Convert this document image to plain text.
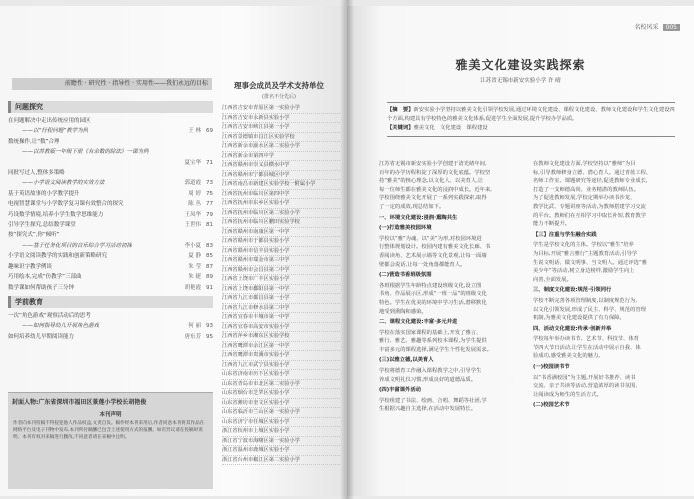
前瞻性 · 研究性 · 指导性 · 实用性——我们永远的目标
问题探究
在问题解决中走出传统应用的园区
——以“行程问题”教学为例	王 林 69
数统操作,让“数”合理
——以苏教版一年级下册《有余数的除法》一课为例
夏宝华 71
同批写过人,整体多策略
——小学语文阅读教学的实效方法	郭道霞 73
基于英语故事的小学教学提升	周 婷 75
电视智慧课堂与小学数学复习课有效整合的探究	陈 丛 77
巧设数学情境,培养小学生数学思维能力	王凤华 79
引导学生探究,总结数学课堂	王世伟 81
按“探究式”,你“倾听”
——基于任务化项目的音乐综合学习活动初探	李小夏 83
小学语文阅读教学的实践和创新策略研究	夏 静 85
趣味识字教学例谈	朱 莹 87
巧用绘本,完成“仿教学”三部曲	朱 捷 89
数学课如何帮助孩子三分钟	胡艳霞 91
学前教育
一次“角色游戏”观察活动后的思考
——如何指导幼儿开展角色游戏	何 丽 93
如何培养幼儿早期阅读能力	唐东芳 95
理事会成员及学术支持单位
(排名不分先后)
江西省吉安市青原区第一实验小学
江西省吉安市永新县实验小学
江西省吉安市峡江县第一小学
江西省景德镇市昌江区实验学校
江西省新余市渝水区第二实验小学
江西省新余市第四中学
江西省赣州市崇义县横水中学
江西省赣州市宁都县城区中学
江西省南昌市新建区实验学校一附属小学
江西省抚州市临川区第四中学
江西省抚州市东乡区实验小学
江西省抚州市临川区第二实验小学
江西省抚州市临川区鹏田实验学校
江西省赣州市南康区第一中学
江西省赣州市于都县实验小学
江西省赣州市信丰县实验小学
江西省赣州市瑞金市第三中学
江西省赣州市会昌县第二中学
江西省上饶市广丰区实验小学
江西省上饶市鄱阳县第一中学
江西省九江市都昌县第一小学
江西省九江市修水县第二中学
江西省宜春市丰城市第一中学
江西省宜春市高安市实验小学
江西省萍乡市湘东区实验学校
江西省鹰潭市余江区第一中学
江西省鹰潭市贵溪市实验小学
江西省九江市武宁县实验小学
山东省济南市历下区实验小学
山东省青岛市市北区第二实验小学
山东省烟台市芝罘区实验小学
山东省潍坊市奎文区实验小学
山东省临沂市兰山区第一实验小学
山东省济宁市任城区实验小学
浙江省杭州市上城区实验小学
浙江省宁波市海曙区第一实验小学
浙江省温州市鹿城区实验小学
浙江省台州市椒江区第二实验小学
封面人物:广东省深圳市福田区景莲小学校长胡艳俊
本刊声明
作者向本刊投稿不得侵犯他人作品权益,文责自负。稿件经本刊采用后,作者同意本刊将其作品在网络平台及电子刊物中发布,本刊所付稿酬已包含上述使用方式的报酬。如有异议请在投稿时说明。本刊有权对来稿进行删改,不同意者请在来稿中注明。
名校风采 005
雅美文化建设实践探索
江苏省无锡市新安实验小学 许 晴
【摘　要】新安实验小学坚持以雅美文化引领学校发展,通过环境文化建设、课程文化建设、教师文化建设和学生文化建设四个方面,构建具有学校特色的雅美文化体系,促进学生全面发展,提升学校办学品质。
【关键词】雅美文化　文化建设　课程建设
江苏省无锡市新安实验小学创建于清光绪年间,
百年的办学历程积淀了深厚的文化底蕴。学校坚
持“雅美”的核心理念,以文化人、以美育人,让
每一位师生都在雅美文化的浸润中成长。近年来,
学校围绕雅美文化开展了一系列实践探索,取得
了一定的成效,现总结如下。
一、环境文化建设:浸润·熏陶共生
(一)打造雅美校园环境
学校以“雅”为魂、以“美”为形,对校园环境进
行整体规划设计。校园内建有雅美文化长廊、书
香阅读角、艺术展示墙等文化景观,让每一面墙
壁都会说话,让每一处角落都能育人。
(二)营造书香班级氛围
各班根据学生年龄特点建设班级文化,设立图
书角、作品展示区,形成“一班一品”的班级文化
特色。学生在优美的环境中学习生活,潜移默化
地受到熏陶和感染。
二、课程文化建设:丰富·多元并进
学校在落实国家课程的基础上,开发了雅言、
雅行、雅艺、雅趣等系列校本课程,为学生提供
丰富多元的课程选择,满足学生个性化发展需求。
(三)以雅立德,以美育人
学校将德育工作融入课程教学之中,引导学生
养成文明礼仪习惯,形成良好的道德品质。
(四)丰富课外活动
学校组建了书法、绘画、合唱、舞蹈等社团,学
生根据兴趣自主选择,在活动中发展特长。
在教师文化建设方面,学校坚持以“雅师”为目
标,引导教师修身立德、潜心育人。通过青蓝工程、
名师工作室、课题研究等途径,促进教师专业成长,
打造了一支师德高尚、业务精湛的教师队伍。
为了促进教师发展,学校定期举办读书沙龙、
教学比武、专题讲座等活动,为教师搭建学习交流
的平台。教师们在互相学习中取长补短,教育教学
能力不断提升。
【三】注重与学生融合实践
学生是学校文化的主体。学校以“雅生”培养
为目标,开展“雅言雅行”主题教育活动,引导学
生说文明话、做文明事、当文明人。通过评选“雅
美少年”等活动,树立身边榜样,激励学生向上
向善,全面发展。
三、制度文化建设:规范·引领同行
学校不断完善各项管理制度,以制度规范行为,
以文化引领发展,形成了民主、科学、规范的管理
机制,为雅美文化建设提供了有力保障。
四、活动文化建设:传承·创新并举
学校每年举办读书节、艺术节、科技节、体育
节四大节日活动,让学生在活动中展示自我、体
验成功,感受雅美文化的魅力。
(一)校园读书节
以“书香满校园”为主题,开展好书推荐、读书
交流、亲子共读等活动,营造浓厚的读书氛围,
让阅读成为师生的生活方式。
(二)校园艺术节
